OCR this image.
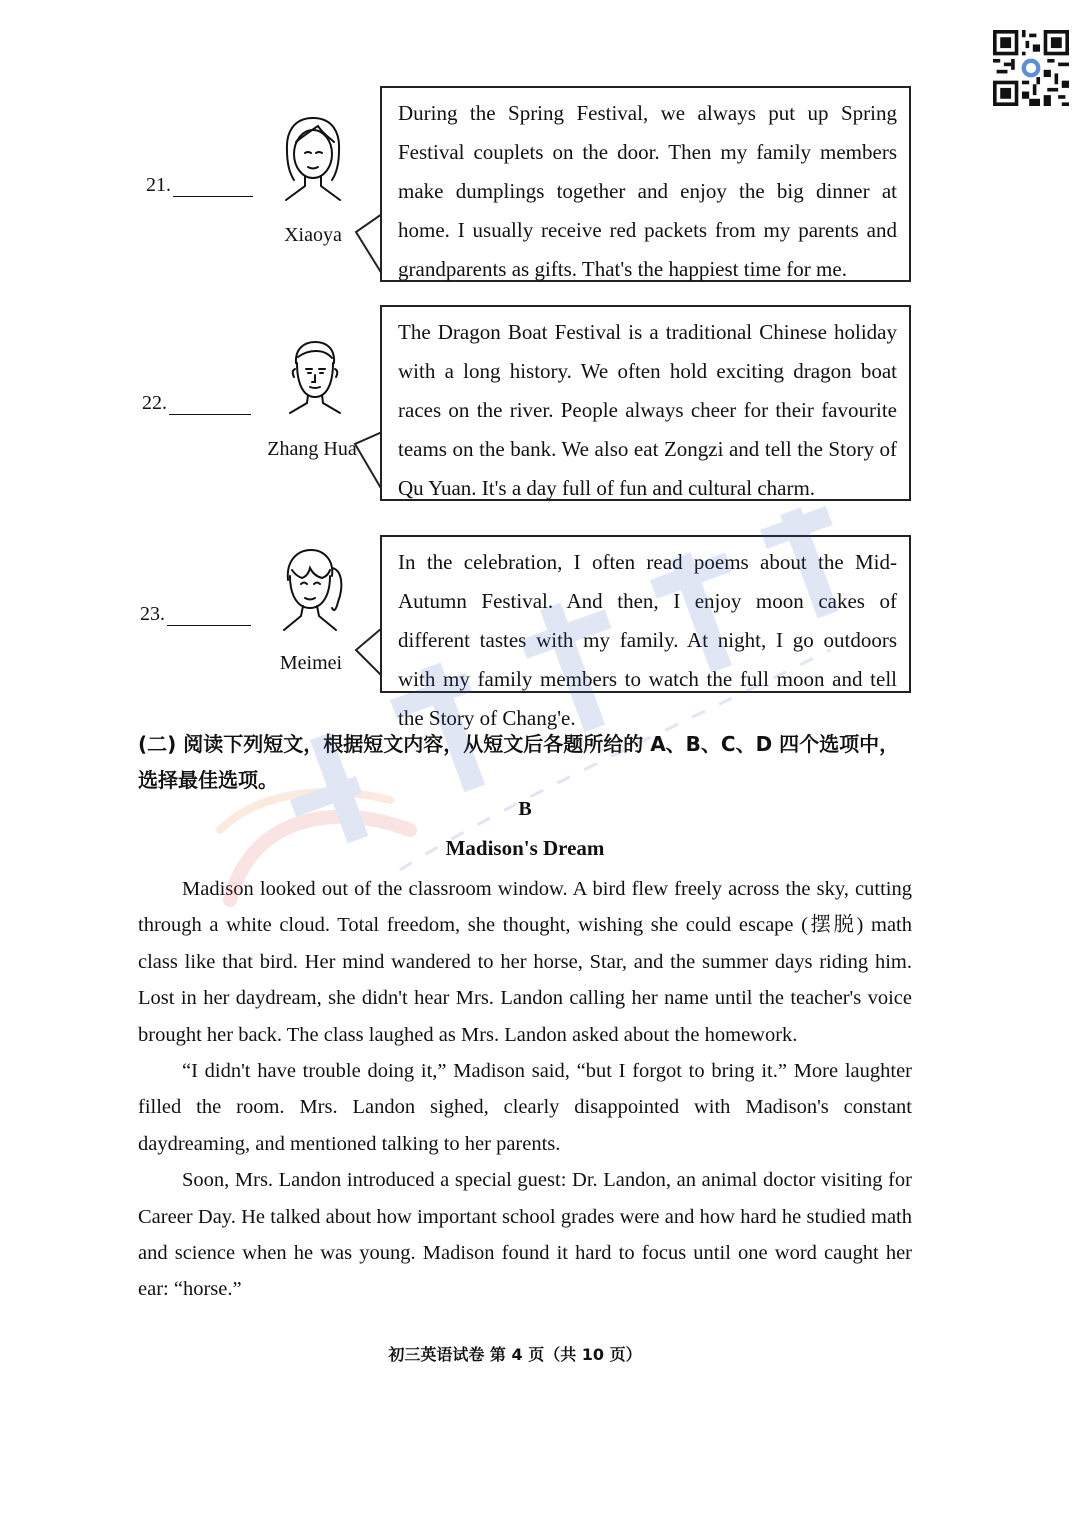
21.
Xiaoya
During the Spring Festival, we always put up Spring Festival couplets on the door. Then my family members make dumplings together and enjoy the big dinner at home. I usually receive red packets from my parents and grandparents as gifts. That's the happiest time for me.
22.
Zhang Hua
The Dragon Boat Festival is a traditional Chinese holiday with a long history. We often hold exciting dragon boat races on the river. People always cheer for their favourite teams on the bank. We also eat Zongzi and tell the Story of Qu Yuan. It's a day full of fun and cultural charm.
23.
Meimei
In the celebration, I often read poems about the Mid-Autumn Festival. And then, I enjoy moon cakes of different tastes with my family. At night, I go outdoors with my family members to watch the full moon and tell the Story of Chang'e.
(二) 阅读下列短文，根据短文内容，从短文后各题所给的 A、B、C、D 四个选项中，选择最佳选项。
B
Madison's Dream

Madison looked out of the classroom window. A bird flew freely across the sky, cutting through a white cloud. Total freedom, she thought, wishing she could escape (摆脱) math class like that bird. Her mind wandered to her horse, Star, and the summer days riding him. Lost in her daydream, she didn't hear Mrs. Landon calling her name until the teacher's voice brought her back. The class laughed as Mrs. Landon asked about the homework.

“I didn't have trouble doing it,” Madison said, “but I forgot to bring it.” More laughter filled the room. Mrs. Landon sighed, clearly disappointed with Madison's constant daydreaming, and mentioned talking to her parents.

Soon, Mrs. Landon introduced a special guest: Dr. Landon, an animal doctor visiting for Career Day. He talked about how important school grades were and how hard he studied math and science when he was young. Madison found it hard to focus until one word caught her ear: “horse.”

初三英语试卷 第 4 页（共 10 页）
